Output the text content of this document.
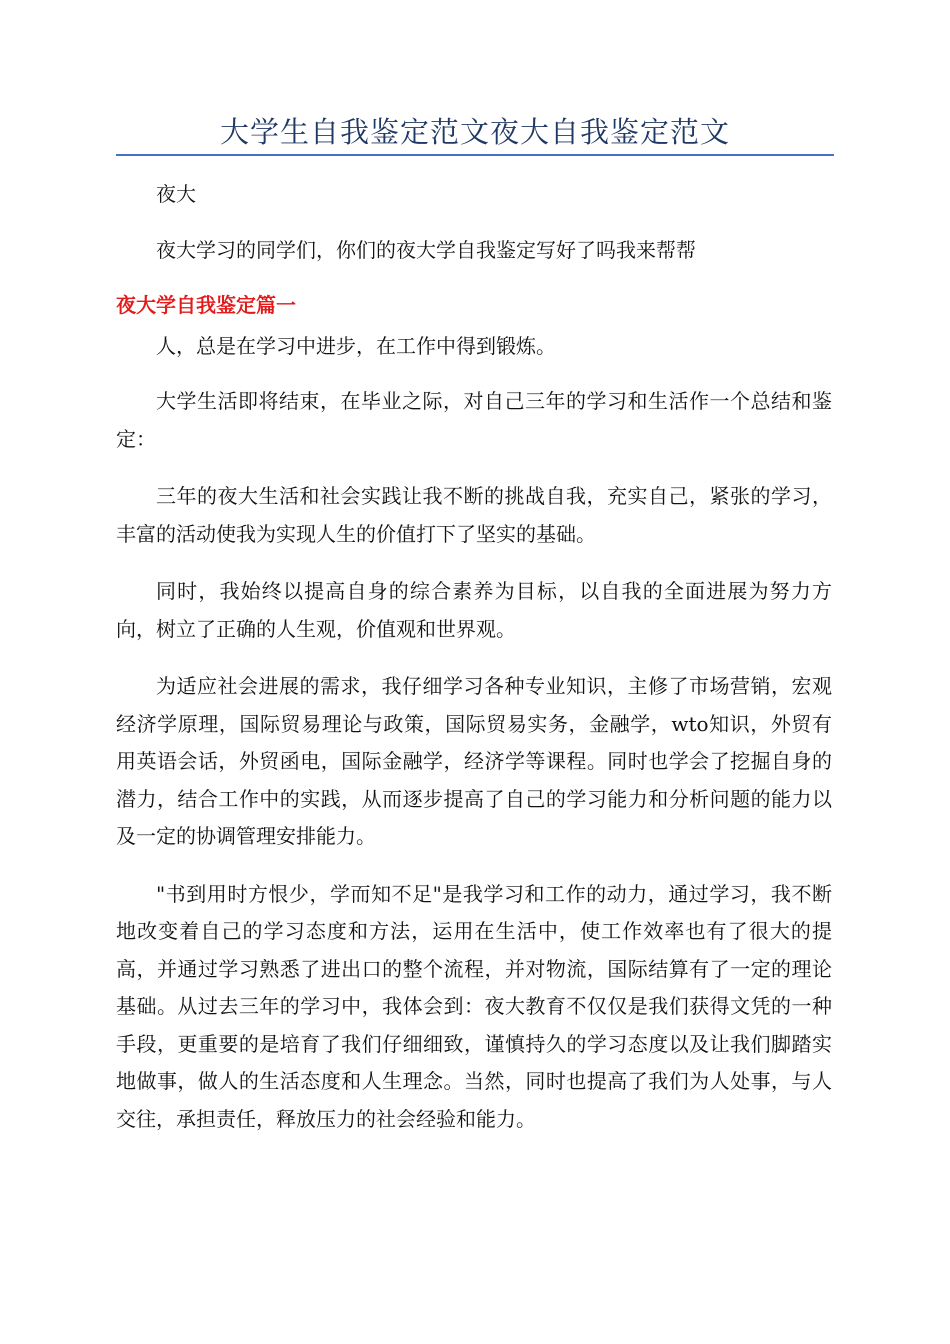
大学生自我鉴定范文夜大自我鉴定范文

夜大

夜大学习的同学们，你们的夜大学自我鉴定写好了吗我来帮帮

夜大学自我鉴定篇一

人，总是在学习中进步，在工作中得到锻炼。

大学生活即将结束，在毕业之际，对自己三年的学习和生活作一个总结和鉴定：

三年的夜大生活和社会实践让我不断的挑战自我，充实自己，紧张的学习，丰富的活动使我为实现人生的价值打下了坚实的基础。

同时，我始终以提高自身的综合素养为目标，以自我的全面进展为努力方向，树立了正确的人生观，价值观和世界观。

为适应社会进展的需求，我仔细学习各种专业知识，主修了市场营销，宏观经济学原理，国际贸易理论与政策，国际贸易实务，金融学，wto知识，外贸有用英语会话，外贸函电，国际金融学，经济学等课程。同时也学会了挖掘自身的潜力，结合工作中的实践，从而逐步提高了自己的学习能力和分析问题的能力以及一定的协调管理安排能力。

"书到用时方恨少，学而知不足"是我学习和工作的动力，通过学习，我不断地改变着自己的学习态度和方法，运用在生活中，使工作效率也有了很大的提高，并通过学习熟悉了进出口的整个流程，并对物流，国际结算有了一定的理论基础。从过去三年的学习中，我体会到：夜大教育不仅仅是我们获得文凭的一种手段，更重要的是培育了我们仔细细致，谨慎持久的学习态度以及让我们脚踏实地做事，做人的生活态度和人生理念。当然，同时也提高了我们为人处事，与人交往，承担责任，释放压力的社会经验和能力。
